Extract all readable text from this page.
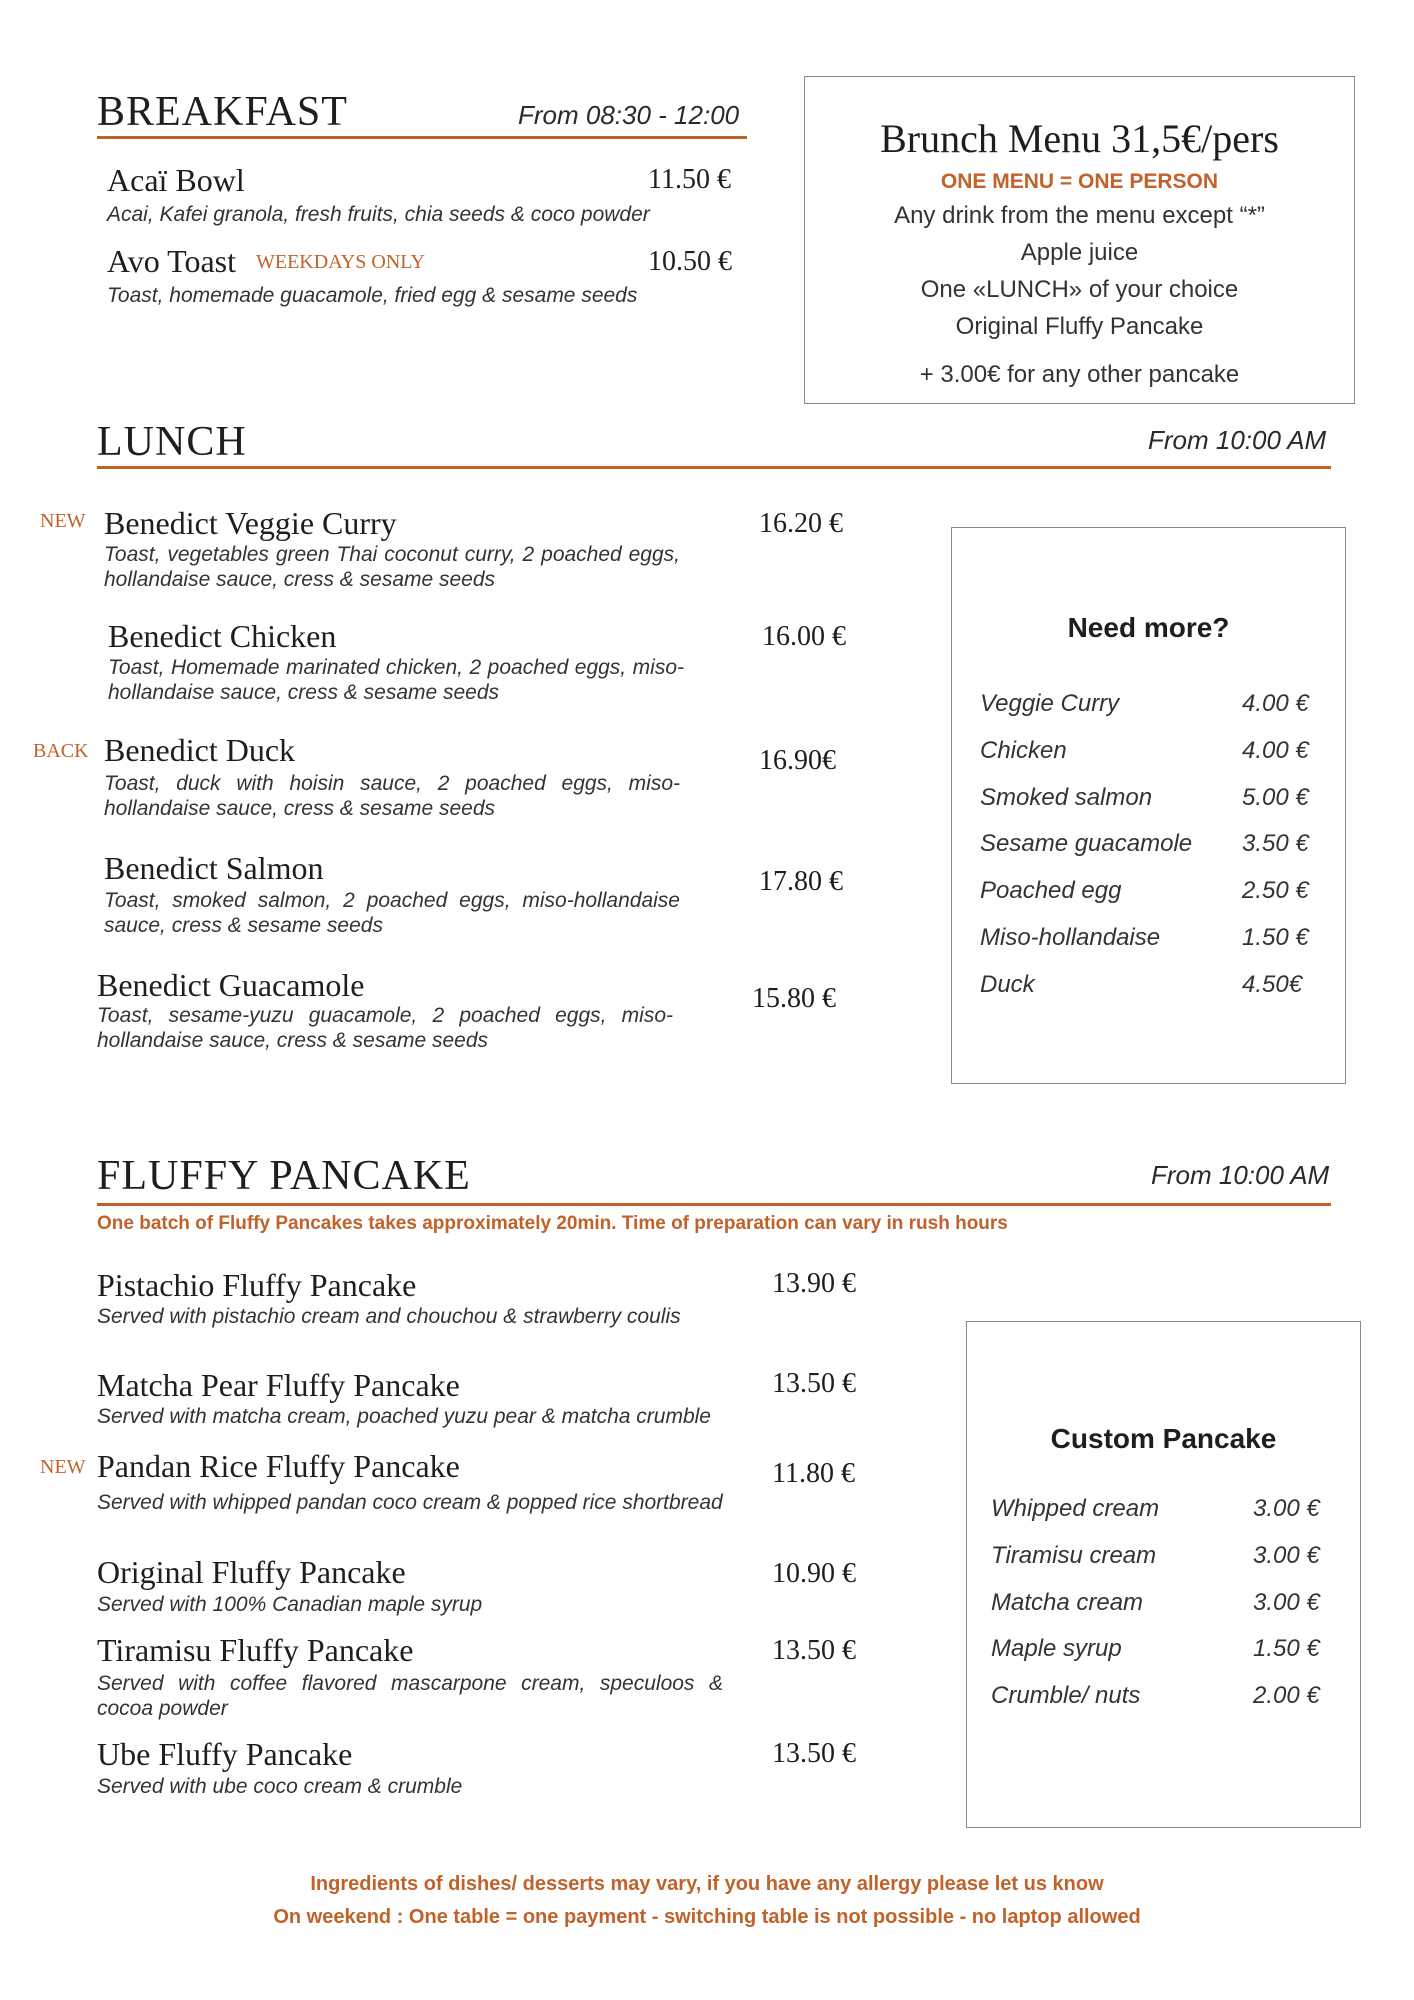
BREAKFAST	From 08:30 - 12:00
Acaï Bowl	11.50 €
Acai, Kafei granola, fresh fruits, chia seeds & coco powder
Avo Toast WEEKDAYS ONLY	10.50 €
Toast, homemade guacamole, fried egg & sesame seeds
Brunch Menu 31,5€/pers
ONE MENU = ONE PERSON
Any drink from the menu except “*”
Apple juice
One «LUNCH» of your choice
Original Fluffy Pancake
+ 3.00€ for any other pancake
LUNCH	From 10:00 AM
NEW Benedict Veggie Curry	16.20 €
Toast, vegetables green Thai coconut curry, 2 poached eggs, hollandaise sauce, cress & sesame seeds
Benedict Chicken	16.00 €
Toast, Homemade marinated chicken, 2 poached eggs, miso-hollandaise sauce, cress & sesame seeds
BACK Benedict Duck	16.90€
Toast, duck with hoisin sauce, 2 poached eggs, miso-hollandaise sauce, cress & sesame seeds
Benedict Salmon	17.80 €
Toast, smoked salmon, 2 poached eggs, miso-hollandaise sauce, cress & sesame seeds
Benedict Guacamole	15.80 €
Toast, sesame-yuzu guacamole, 2 poached eggs, miso-hollandaise sauce, cress & sesame seeds
Need more?
Veggie Curry	4.00 €
Chicken	4.00 €
Smoked salmon	5.00 €
Sesame guacamole 3.50 €
Poached egg	2.50 €
Miso-hollandaise	1.50 €
Duck	4.50€
FLUFFY PANCAKE	From 10:00 AM
One batch of Fluffy Pancakes takes approximately 20min. Time of preparation can vary in rush hours
Pistachio Fluffy Pancake	13.90 €
Served with pistachio cream and chouchou & strawberry coulis
Matcha Pear Fluffy Pancake	13.50 €
Served with matcha cream, poached yuzu pear & matcha crumble
NEW Pandan Rice Fluffy Pancake	11.80 €
Served with whipped pandan coco cream & popped rice shortbread
Original Fluffy Pancake	10.90 €
Served with 100% Canadian maple syrup
Tiramisu Fluffy Pancake	13.50 €
Served with coffee flavored mascarpone cream, speculoos & cocoa powder
Ube Fluffy Pancake	13.50 €
Served with ube coco cream & crumble
Custom Pancake
Whipped cream	3.00 €
Tiramisu cream	3.00 €
Matcha cream	3.00 €
Maple syrup	1.50 €
Crumble/ nuts	2.00 €
Ingredients of dishes/ desserts may vary, if you have any allergy please let us know
On weekend : One table = one payment - switching table is not possible - no laptop allowed
